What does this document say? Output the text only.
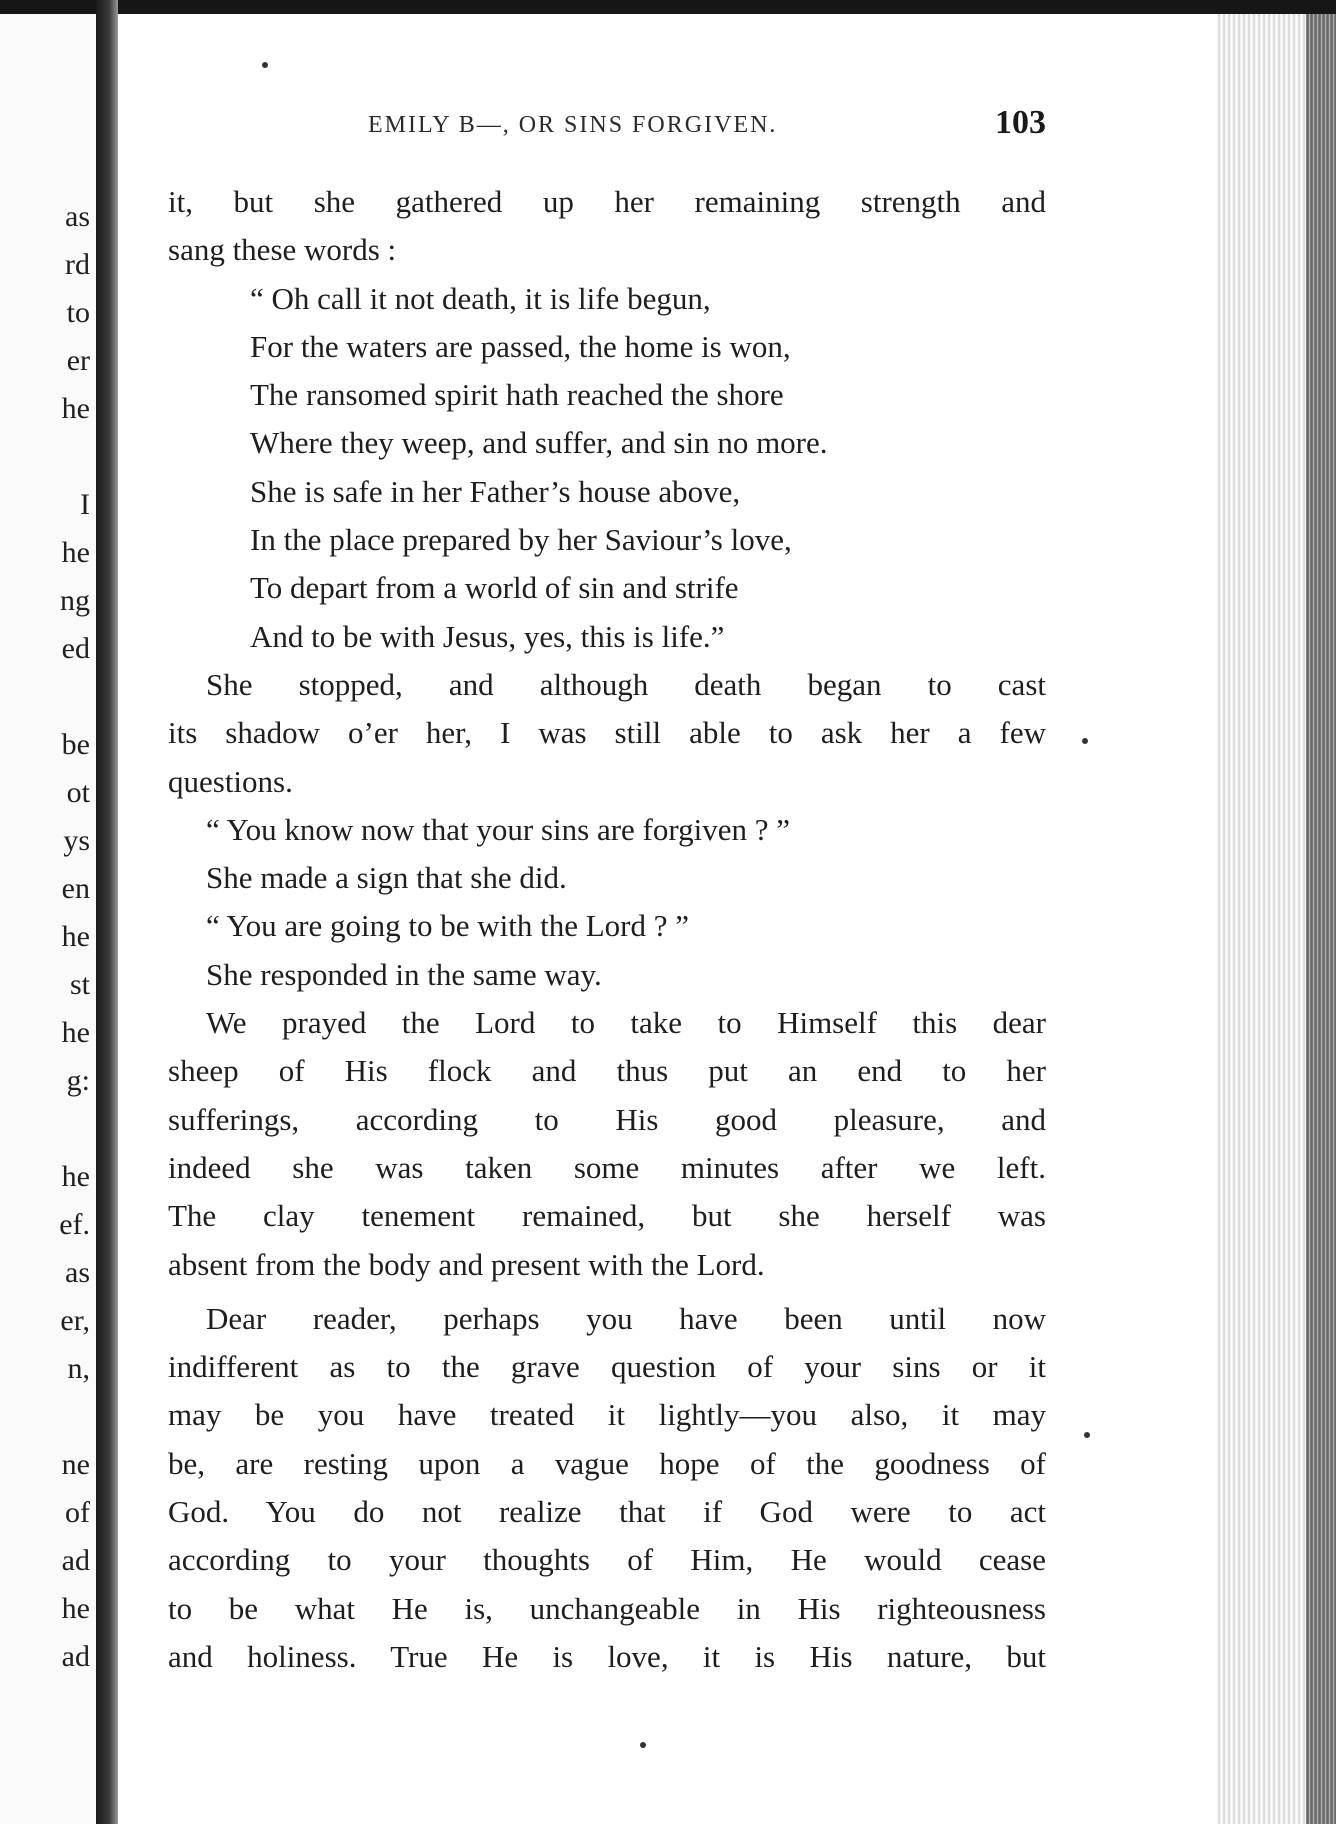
as
rd
to
er
he
I
he
ng
ed
be
ot
ys
en
he
st
he
g:
he
ef.
as
er,
n,
ne
of
ad
he
ad
EMILY B—, OR SINS FORGIVEN.	103
it, but she gathered up her remaining strength and
sang these words :
“ Oh call it not death, it is life begun,
For the waters are passed, the home is won,
The ransomed spirit hath reached the shore
Where they weep, and suffer, and sin no more.
She is safe in her Father’s house above,
In the place prepared by her Saviour’s love,
To depart from a world of sin and strife
And to be with Jesus, yes, this is life.”
She stopped, and although death began to cast
its shadow o’er her, I was still able to ask her a few
questions.
“ You know now that your sins are forgiven ? ”
She made a sign that she did.
“ You are going to be with the Lord ? ”
She responded in the same way.
We prayed the Lord to take to Himself this dear
sheep of His flock and thus put an end to her
sufferings, according to His good pleasure, and
indeed she was taken some minutes after we left.
The clay tenement remained, but she herself was
absent from the body and present with the Lord.
Dear reader, perhaps you have been until now
indifferent as to the grave question of your sins or it
may be you have treated it lightly—you also, it may
be, are resting upon a vague hope of the goodness of
God. You do not realize that if God were to act
according to your thoughts of Him, He would cease
to be what He is, unchangeable in His righteousness
and holiness. True He is love, it is His nature, but
